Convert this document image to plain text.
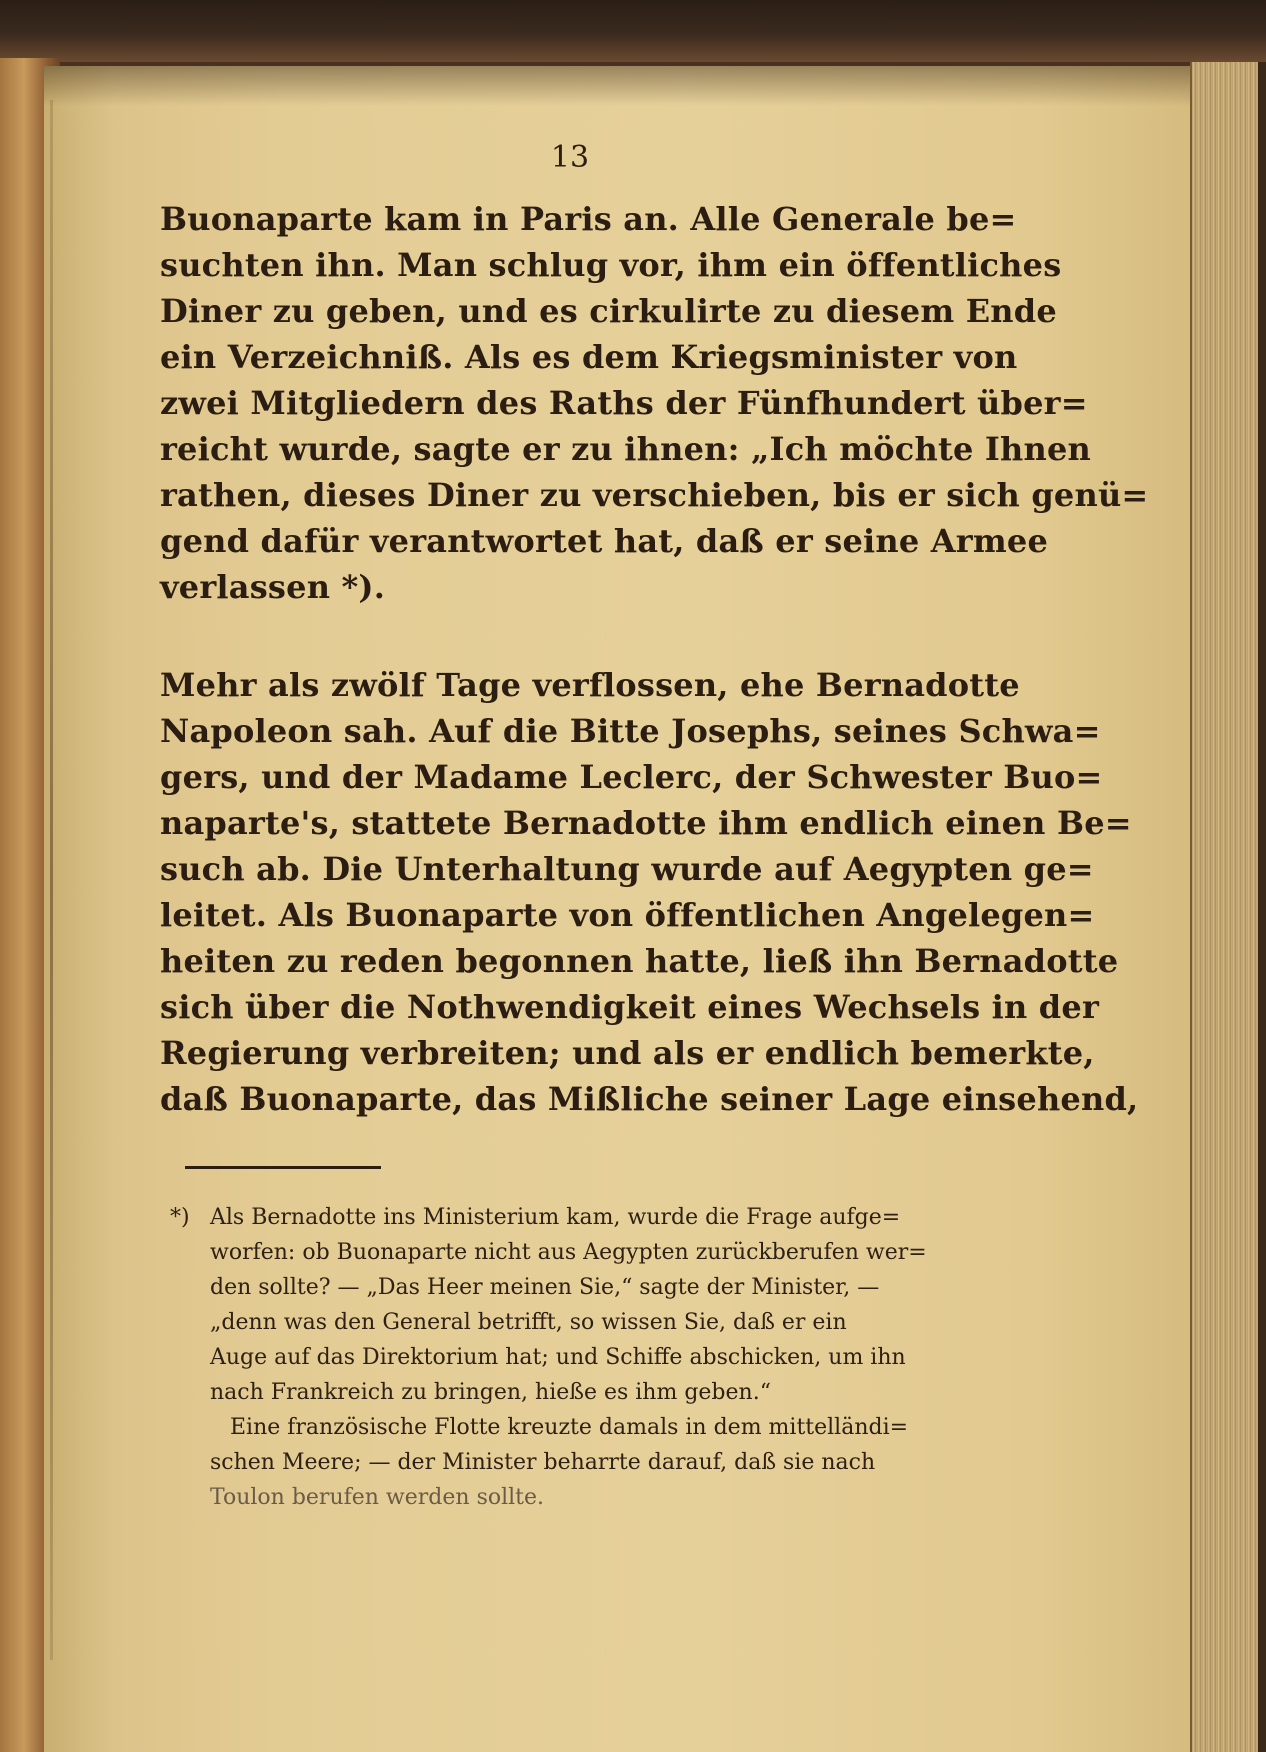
13
Buonaparte kam in Paris an. Alle Generale be=
suchten ihn. Man schlug vor, ihm ein öffentliches
Diner zu geben, und es cirkulirte zu diesem Ende
ein Verzeichniß. Als es dem Kriegsminister von
zwei Mitgliedern des Raths der Fünfhundert über=
reicht wurde, sagte er zu ihnen: „Ich möchte Ihnen
rathen, dieses Diner zu verschieben, bis er sich genü=
gend dafür verantwortet hat, daß er seine Armee
verlassen *).
Mehr als zwölf Tage verflossen, ehe Bernadotte
Napoleon sah. Auf die Bitte Josephs, seines Schwa=
gers, und der Madame Leclerc, der Schwester Buo=
naparte's, stattete Bernadotte ihm endlich einen Be=
such ab. Die Unterhaltung wurde auf Aegypten ge=
leitet. Als Buonaparte von öffentlichen Angelegen=
heiten zu reden begonnen hatte, ließ ihn Bernadotte
sich über die Nothwendigkeit eines Wechsels in der
Regierung verbreiten; und als er endlich bemerkte,
daß Buonaparte, das Mißliche seiner Lage einsehend,
*) Als Bernadotte ins Ministerium kam, wurde die Frage aufge=
worfen: ob Buonaparte nicht aus Aegypten zurückberufen wer=
den sollte? — „Das Heer meinen Sie,“ sagte der Minister, —
„denn was den General betrifft, so wissen Sie, daß er ein
Auge auf das Direktorium hat; und Schiffe abschicken, um ihn
nach Frankreich zu bringen, hieße es ihm geben.“
Eine französische Flotte kreuzte damals in dem mittelländi=
schen Meere; — der Minister beharrte darauf, daß sie nach
Toulon berufen werden sollte.
